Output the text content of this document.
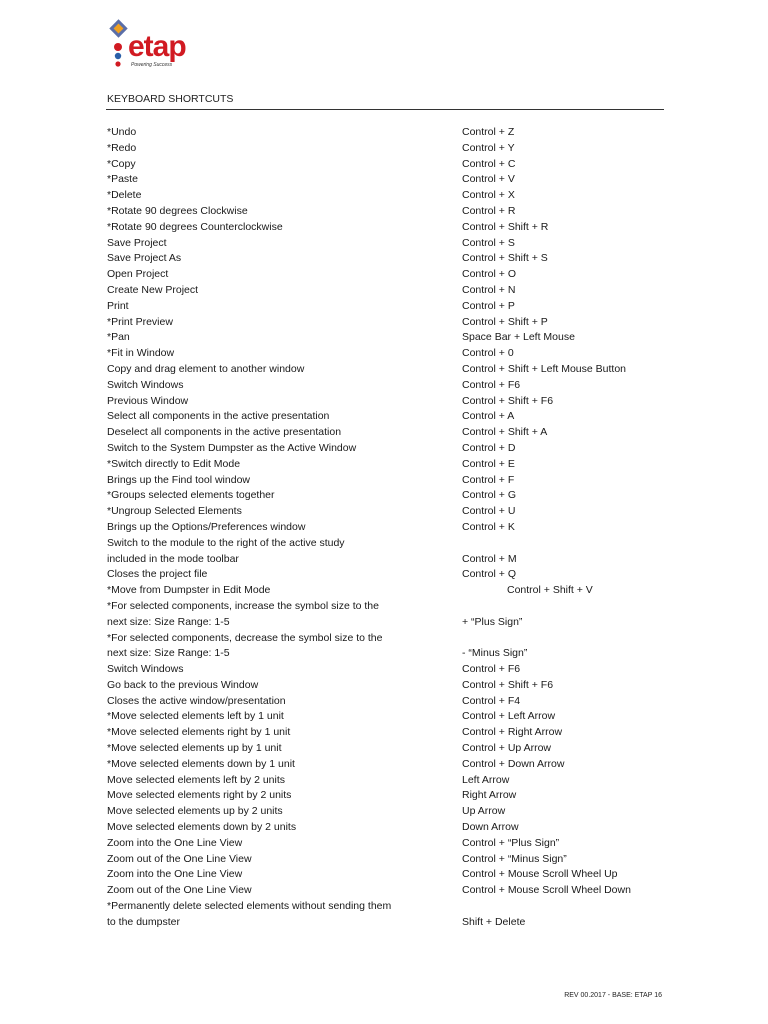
etap
Powering Success
KEYBOARD SHORTCUTS
*Undo	Control + Z
*Redo	Control + Y
*Copy	Control + C
*Paste	Control + V
*Delete	Control + X
*Rotate 90 degrees Clockwise	Control + R
*Rotate 90 degrees Counterclockwise	Control + Shift + R
Save Project	Control + S
Save Project As	Control + Shift + S
Open Project	Control + O
Create New Project	Control + N
Print	Control + P
*Print Preview	Control + Shift + P
*Pan	Space Bar + Left Mouse
*Fit in Window	Control + 0
Copy and drag element to another window	Control + Shift + Left Mouse Button
Switch Windows	Control + F6
Previous Window	Control + Shift + F6
Select all components in the active presentation	Control + A
Deselect all components in the active presentation	Control + Shift + A
Switch to the System Dumpster as the Active Window	Control + D
*Switch directly to Edit Mode	Control + E
Brings up the Find tool window	Control + F
*Groups selected elements together	Control + G
*Ungroup Selected Elements	Control + U
Brings up the Options/Preferences window	Control + K
Switch to the module to the right of the active study
included in the mode toolbar	Control + M
Closes the project file	Control + Q
*Move from Dumpster in Edit Mode	Control + Shift + V
*For selected components, increase the symbol size to the
next size: Size Range: 1-5	+ “Plus Sign”
*For selected components, decrease the symbol size to the
next size: Size Range: 1-5	- “Minus Sign”
Switch Windows	Control + F6
Go back to the previous Window	Control + Shift + F6
Closes the active window/presentation	Control + F4
*Move selected elements left by 1 unit	Control + Left Arrow
*Move selected elements right by 1 unit	Control + Right Arrow
*Move selected elements up by 1 unit	Control + Up Arrow
*Move selected elements down by 1 unit	Control + Down Arrow
Move selected elements left by 2 units	Left Arrow
Move selected elements right by 2 units	Right Arrow
Move selected elements up by 2 units	Up Arrow
Move selected elements down by 2 units	Down Arrow
Zoom into the One Line View	Control + “Plus Sign”
Zoom out of the One Line View	Control + “Minus Sign”
Zoom into the One Line View	Control + Mouse Scroll Wheel Up
Zoom out of the One Line View	Control + Mouse Scroll Wheel Down
*Permanently delete selected elements without sending them
to the dumpster	Shift + Delete
REV 00.2017 - BASE: ETAP 16
